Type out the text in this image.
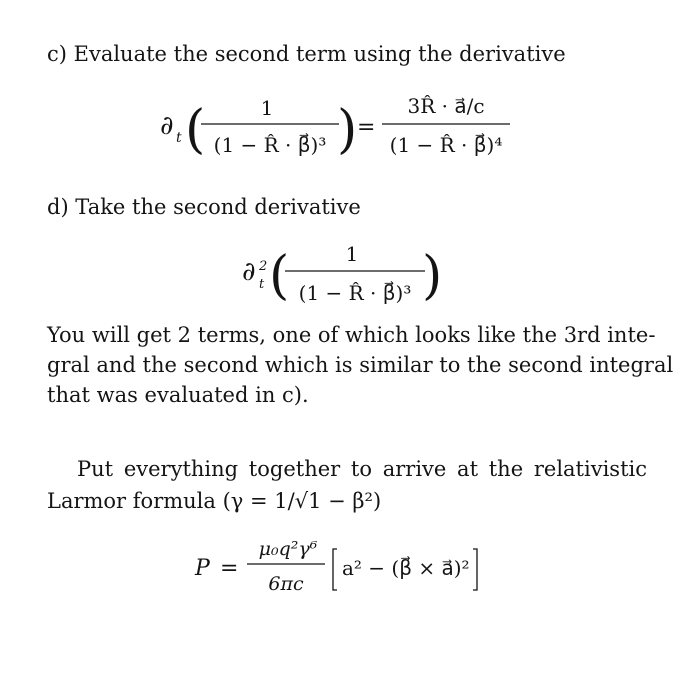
c) Evaluate the second term using the derivative

∂ t (	1
(1 − R̂ · β⃗)³ ) =
3R̂ · a⃗/c
(1 − R̂ · β⃗)⁴

d) Take the second derivative

∂ 2
t (	1
(1 − R̂ · β⃗)³ )
You will get 2 terms, one of which looks like the 3rd inte-
gral and the second which is similar to the second integral
that was evaluated in c).
Put everything together to arrive at the relativistic
Larmor formula (γ = 1/√1 − β²)
P =
μ₀q²γ⁶
6πc
a² − (β⃗ × a⃗)²
